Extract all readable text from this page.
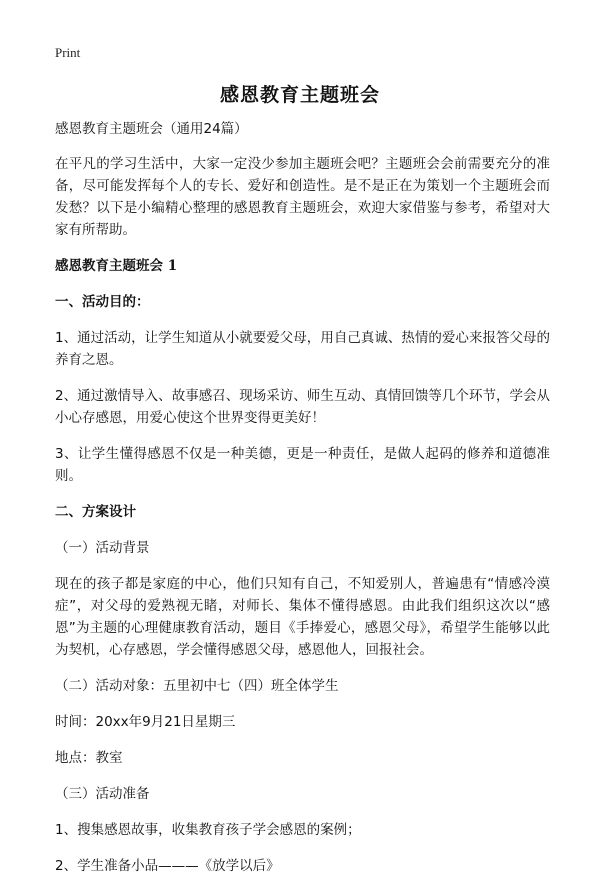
Print
感恩教育主题班会

感恩教育主题班会（通用24篇）

在平凡的学习生活中，大家一定没少参加主题班会吧？主题班会会前需要充分的准备，尽可能发挥每个人的专长、爱好和创造性。是不是正在为策划一个主题班会而发愁？以下是小编精心整理的感恩教育主题班会，欢迎大家借鉴与参考，希望对大家有所帮助。

感恩教育主题班会 1

一、活动目的：

1、通过活动，让学生知道从小就要爱父母，用自己真诚、热情的爱心来报答父母的养育之恩。

2、通过激情导入、故事感召、现场采访、师生互动、真情回馈等几个环节，学会从小心存感恩，用爱心使这个世界变得更美好！

3、让学生懂得感恩不仅是一种美德，更是一种责任，是做人起码的修养和道德准则。

二、方案设计

（一）活动背景

现在的孩子都是家庭的中心，他们只知有自己，不知爱别人，普遍患有“情感冷漠症”，对父母的爱熟视无睹，对师长、集体不懂得感恩。由此我们组织这次以“感恩”为主题的心理健康教育活动，题目《手捧爱心，感恩父母》，希望学生能够以此为契机，心存感恩，学会懂得感恩父母，感恩他人，回报社会。

（二）活动对象：五里初中七（四）班全体学生

时间：20xx年9月21日星期三

地点：教室

（三）活动准备

1、搜集感恩故事，收集教育孩子学会感恩的案例；

2、学生准备小品———《放学以后》
